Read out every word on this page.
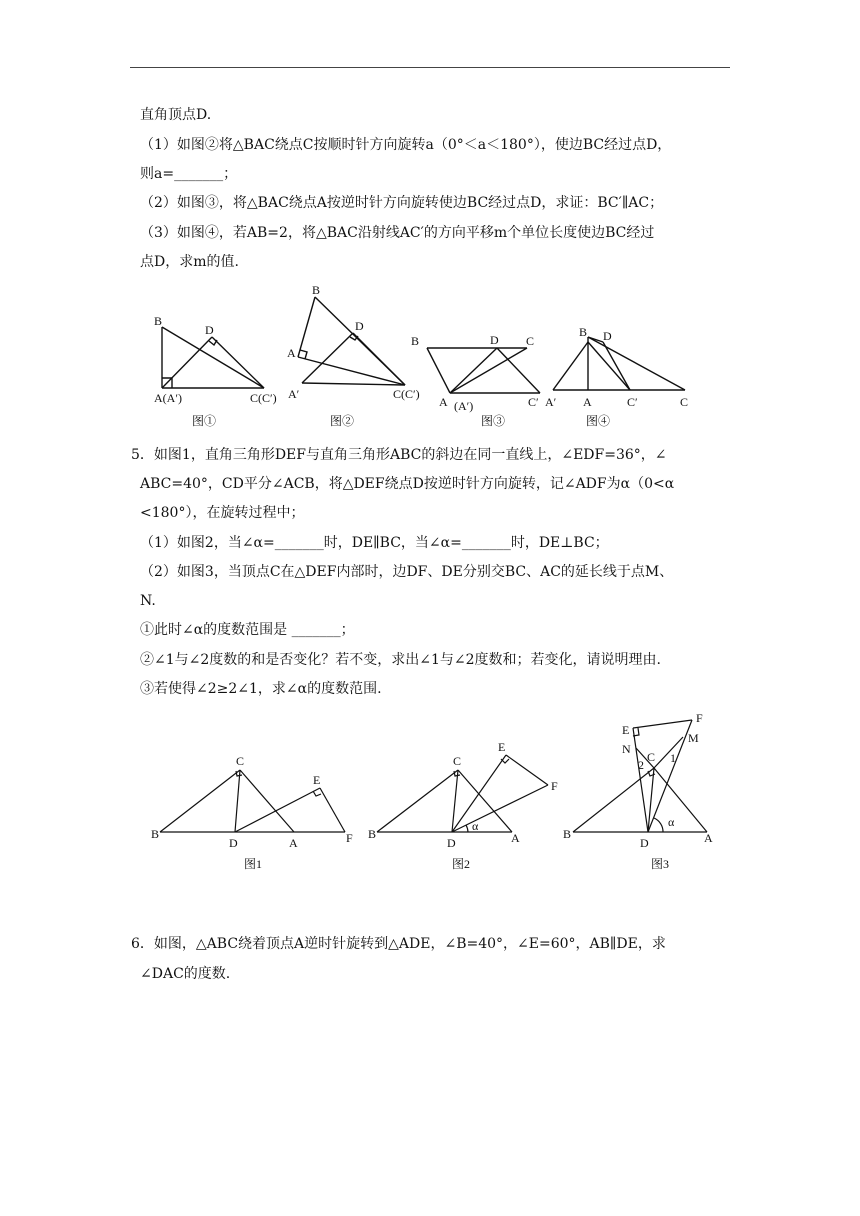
直角顶点D.
（1）如图②将△BAC绕点C按顺时针方向旋转a（0°＜a＜180°），使边BC经过点D，
则a=_______；
（2）如图③，将△BAC绕点A按逆时针方向旋转使边BC经过点D，求证：BC′∥AC；
（3）如图④，若AB=2，将△BAC沿射线AC′的方向平移m个单位长度使边BC经过
点D，求m的值.
B
D
A(A′)	C(C′)
图①
B
D
A
A′	C(C′)
图②
B	D C
A (A′)	C′
图③
B D
A′ A	C′	C
图④
5．如图1，直角三角形DEF与直角三角形ABC的斜边在同一直线上，∠EDF=36°，∠
ABC=40°，CD平分∠ACB，将△DEF绕点D按逆时针方向旋转，记∠ADF为α（0<α
<180°），在旋转过程中；
（1）如图2，当∠α=_______时，DE∥BC，当∠α=_______时，DE⊥BC；
（2）如图3，当顶点C在△DEF内部时，边DF、DE分别交BC、AC的延长线于点M、
N.
①此时∠α的度数范围是 _______；
②∠1与∠2度数的和是否变化？若不变，求出∠1与∠2度数和；若变化，请说明理由.
③若使得∠2≥2∠1，求∠α的度数范围.
C
E
B
D	A	F
图1
C
E
F
B
D
α
A
图2
E
F
N
C
M
2 1
B
D
α
A
图3
6．如图，△ABC绕着顶点A逆时针旋转到△ADE，∠B=40°，∠E=60°，AB∥DE，求
∠DAC的度数.
